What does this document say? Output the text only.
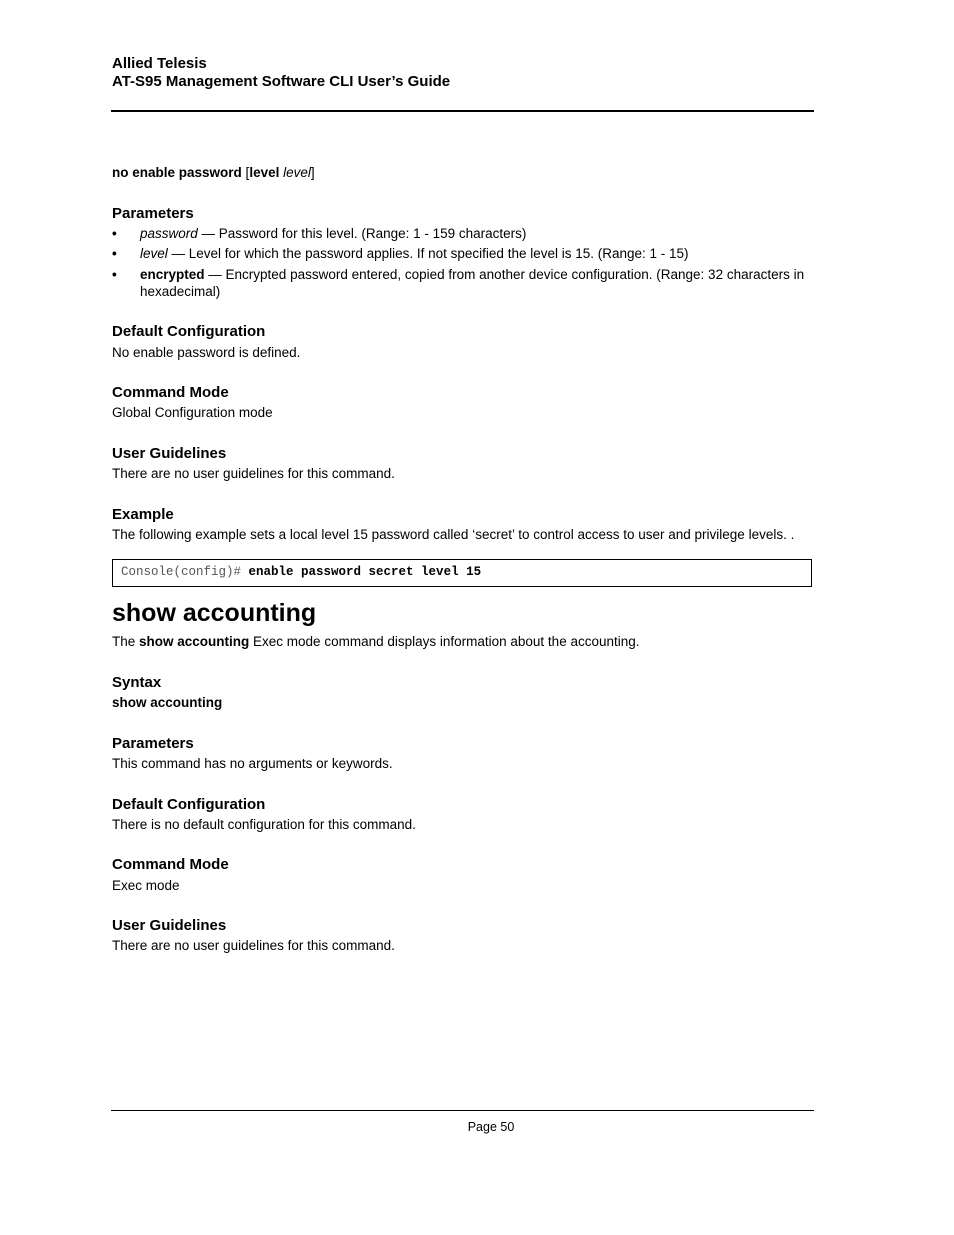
Allied Telesis
AT-S95 Management Software CLI User’s Guide
no enable password [level level]
Parameters
• password — Password for this level. (Range: 1 - 159 characters)
• level — Level for which the password applies. If not specified the level is 15. (Range: 1 - 15)
• encrypted — Encrypted password entered, copied from another device configuration. (Range: 32 characters in hexadecimal)
Default Configuration
No enable password is defined.
Command Mode
Global Configuration mode
User Guidelines
There are no user guidelines for this command.
Example
The following example sets a local level 15 password called ‘secret’ to control access to user and privilege levels. .
Console(config)# enable password secret level 15
show accounting
The show accounting Exec mode command displays information about the accounting.
Syntax
show accounting
Parameters
This command has no arguments or keywords.
Default Configuration
There is no default configuration for this command.
Command Mode
Exec mode
User Guidelines
There are no user guidelines for this command.
Page 50
